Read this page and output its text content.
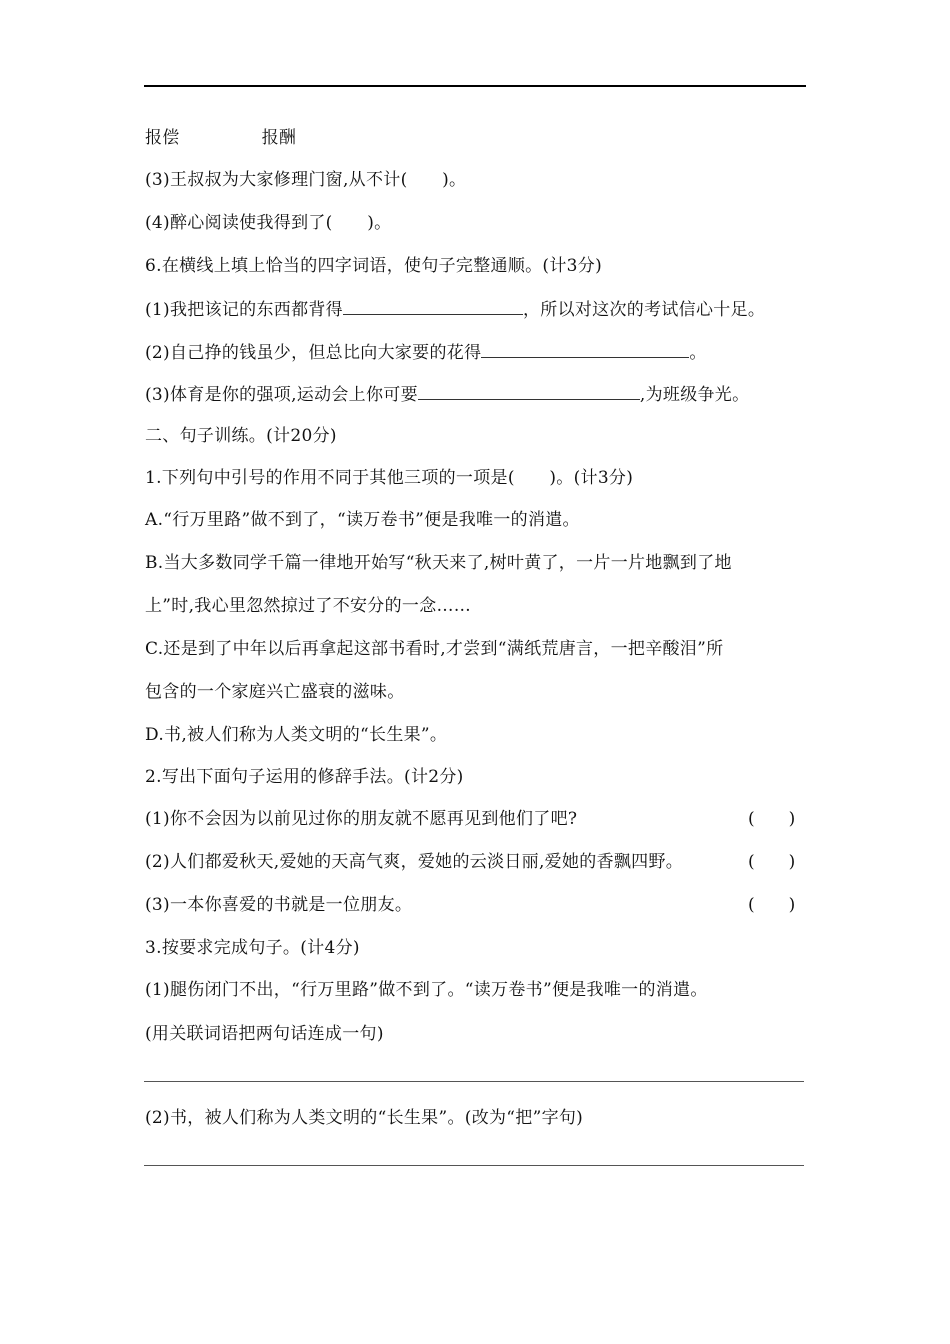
报偿	报酬
(3)王叔叔为大家修理门窗,从不计(　　)。
(4)醉心阅读使我得到了(　　)。
6.在横线上填上恰当的四字词语，使句子完整通顺。(计3分)
(1)我把该记的东西都背得	，所以对这次的考试信心十足。
(2)自己挣的钱虽少，但总比向大家要的花得	。
(3)体育是你的强项,运动会上你可要	,为班级争光。
二、句子训练。(计20分)
1.下列句中引号的作用不同于其他三项的一项是(　　)。(计3分)
A.“行万里路”做不到了，“读万卷书”便是我唯一的消遣。
B.当大多数同学千篇一律地开始写“秋天来了,树叶黄了，一片一片地飘到了地
上”时,我心里忽然掠过了不安分的一念……
C.还是到了中年以后再拿起这部书看时,才尝到“满纸荒唐言，一把辛酸泪”所
包含的一个家庭兴亡盛衰的滋味。
D.书,被人们称为人类文明的“长生果”。
2.写出下面句子运用的修辞手法。(计2分)
(1)你不会因为以前见过你的朋友就不愿再见到他们了吧?	(　　)
(2)人们都爱秋天,爱她的天高气爽，爱她的云淡日丽,爱她的香飘四野。	(　　)
(3)一本你喜爱的书就是一位朋友。	(　　)
3.按要求完成句子。(计4分)
(1)腿伤闭门不出，“行万里路”做不到了。“读万卷书”便是我唯一的消遣。
(用关联词语把两句话连成一句)
(2)书，被人们称为人类文明的“长生果”。(改为“把”字句)
